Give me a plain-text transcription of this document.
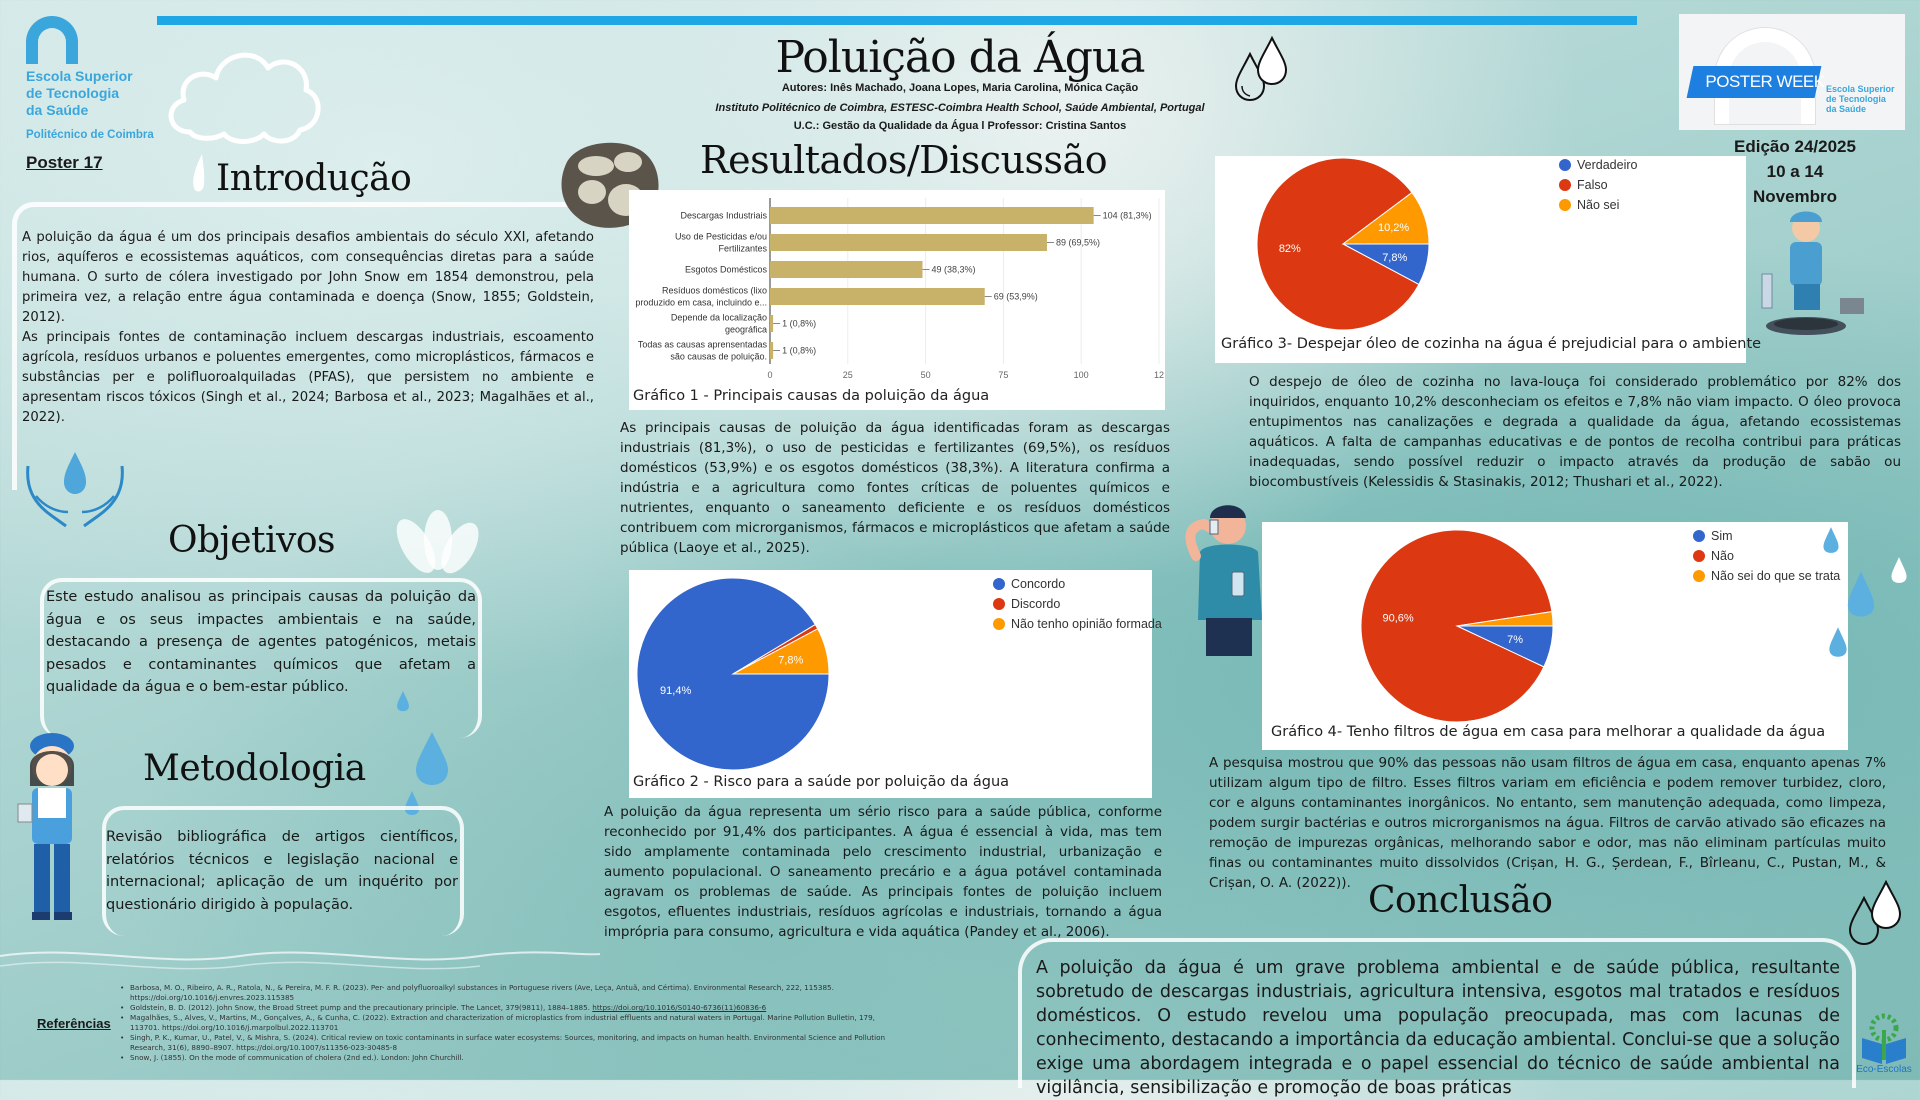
Escola Superior
de Tecnologia
da Saúde
Politécnico de Coimbra
Poster 17
Poluição da Água
Autores: Inês Machado, Joana Lopes, Maria Carolina, Mónica Cação
Instituto Politécnico de Coimbra, ESTESC-Coimbra Health School, Saúde Ambiental, Portugal
U.C.: Gestão da Qualidade da Água l Professor: Cristina Santos
POSTER WEEK Escola Superior
de Tecnologia
da Saúde
Edição 24/2025
10 a 14
Novembro
Introdução

A poluição da água é um dos principais desafios ambientais do século XXI, afetando rios, aquíferos e ecossistemas aquáticos, com consequências diretas para a saúde humana. O surto de cólera investigado por John Snow em 1854 demonstrou, pela primeira vez, a relação entre água contaminada e doença (Snow, 1855; Goldstein, 2012).

As principais fontes de contaminação incluem descargas industriais, escoamento agrícola, resíduos urbanos e poluentes emergentes, como microplásticos, fármacos e substâncias per e polifluoroalquiladas (PFAS), que persistem no ambiente e apresentam riscos tóxicos (Singh et al., 2024; Barbosa et al., 2023; Magalhães et al., 2022).

Objetivos
Este estudo analisou as principais causas da poluição da água e os seus impactes ambientais e na saúde, destacando a presença de agentes patogénicos, metais pesados e contaminantes químicos que afetam a qualidade da água e o bem-estar público.
Metodologia
Revisão bibliográfica de artigos científicos, relatórios técnicos e legislação nacional e internacional; aplicação de um inquérito por questionário dirigido à população.
Resultados/Discussão
0	25	50	75	100	12
104 (81,3%)
Descargas Industriais
89 (69,5%)
Uso de Pesticidas e/ou
Fertilizantes
49 (38,3%)
Esgotos Domésticos
69 (53,9%)
Resíduos domésticos (lixo
produzido em casa, incluindo e...
1 (0,8%)
Depende da localização
geográfica
1 (0,8%)
Todas as causas aprensentadas
são causas de poluição.
Gráfico 1 - Principais causas da poluição da água
As principais causas de poluição da água identificadas foram as descargas industriais (81,3%), o uso de pesticidas e fertilizantes (69,5%), os resíduos domésticos (53,9%) e os esgotos domésticos (38,3%). A literatura confirma a indústria e a agricultura como fontes críticas de poluentes químicos e nutrientes, enquanto o saneamento deficiente e os resíduos domésticos contribuem com microrganismos, fármacos e microplásticos que afetam a saúde pública (Laoye et al., 2025).
91,4%
7,8%
Concordo
Discordo
Não tenho opinião formada
Gráfico 2 - Risco para a saúde por poluição da água
A poluição da água representa um sério risco para a saúde pública, conforme reconhecido por 91,4% dos participantes. A água é essencial à vida, mas tem sido amplamente contaminada pelo crescimento industrial, urbanização e aumento populacional. O saneamento precário e a água potável contaminada agravam os problemas de saúde. As principais fontes de poluição incluem esgotos, efluentes industriais, resíduos agrícolas e industriais, tornando a água imprópria para consumo, agricultura e vida aquática (Pandey et al., 2006).
7,8%
82%
10,2%
Verdadeiro
Falso
Não sei
Gráfico 3- Despejar óleo de cozinha na água é prejudicial para o ambiente
O despejo de óleo de cozinha no lava-louça foi considerado problemático por 82% dos inquiridos, enquanto 10,2% desconheciam os efeitos e 7,8% não viam impacto. O óleo provoca entupimentos nas canalizações e degrada a qualidade da água, afetando ecossistemas aquáticos. A falta de campanhas educativas e de pontos de recolha contribui para práticas inadequadas, sendo possível reduzir o impacto através da produção de sabão ou biocombustíveis (Kelessidis & Stasinakis, 2012; Thushari et al., 2022).
7%
90,6%
Sim
Não
Não sei do que se trata
Gráfico 4- Tenho filtros de água em casa para melhorar a qualidade da água
A pesquisa mostrou que 90% das pessoas não usam filtros de água em casa, enquanto apenas 7% utilizam algum tipo de filtro. Esses filtros variam em eficiência e podem remover turbidez, cloro, cor e alguns contaminantes inorgânicos. No entanto, sem manutenção adequada, como limpeza, podem surgir bactérias e outros microrganismos na água. Filtros de carvão ativado são eficazes na remoção de impurezas orgânicas, melhorando sabor e odor, mas não eliminam partículas muito finas ou contaminantes muito dissolvidos (Crișan, H. G., Șerdean, F., Bîrleanu, C., Pustan, M., & Crișan, O. A. (2022)). Conclusão
A poluição da água é um grave problema ambiental e de saúde pública, resultante sobretudo de descargas industriais, agricultura intensiva, esgotos mal tratados e resíduos domésticos. O estudo revelou uma população preocupada, mas com lacunas de conhecimento, destacando a importância da educação ambiental. Conclui-se que a solução exige uma abordagem integrada e o papel essencial do técnico de saúde ambiental na vigilância, sensibilização e promoção de boas práticas
Referências
• Barbosa, M. O., Ribeiro, A. R., Ratola, N., & Pereira, M. F. R. (2023). Per- and polyfluoroalkyl substances in Portuguese rivers (Ave, Leça, Antuã, and Cértima). Environmental Research, 222, 115385. https://doi.org/10.1016/j.envres.2023.115385
• Goldstein, B. D. (2012). John Snow, the Broad Street pump and the precautionary principle. The Lancet, 379(9811), 1884–1885. https://doi.org/10.1016/S0140-6736(11)60836-6
• Magalhães, S., Alves, V., Martins, M., Gonçalves, A., & Cunha, C. (2022). Extraction and characterization of microplastics from industrial effluents and natural waters in Portugal. Marine Pollution Bulletin, 179, 113701. https://doi.org/10.1016/j.marpolbul.2022.113701
• Singh, P. K., Kumar, U., Patel, V., & Mishra, S. (2024). Critical review on toxic contaminants in surface water ecosystems: Sources, monitoring, and impacts on human health. Environmental Science and Pollution Research, 31(6), 8890–8907. https://doi.org/10.1007/s11356-023-30485-8
• Snow, J. (1855). On the mode of communication of cholera (2nd ed.). London: John Churchill.
Eco-Escolas
